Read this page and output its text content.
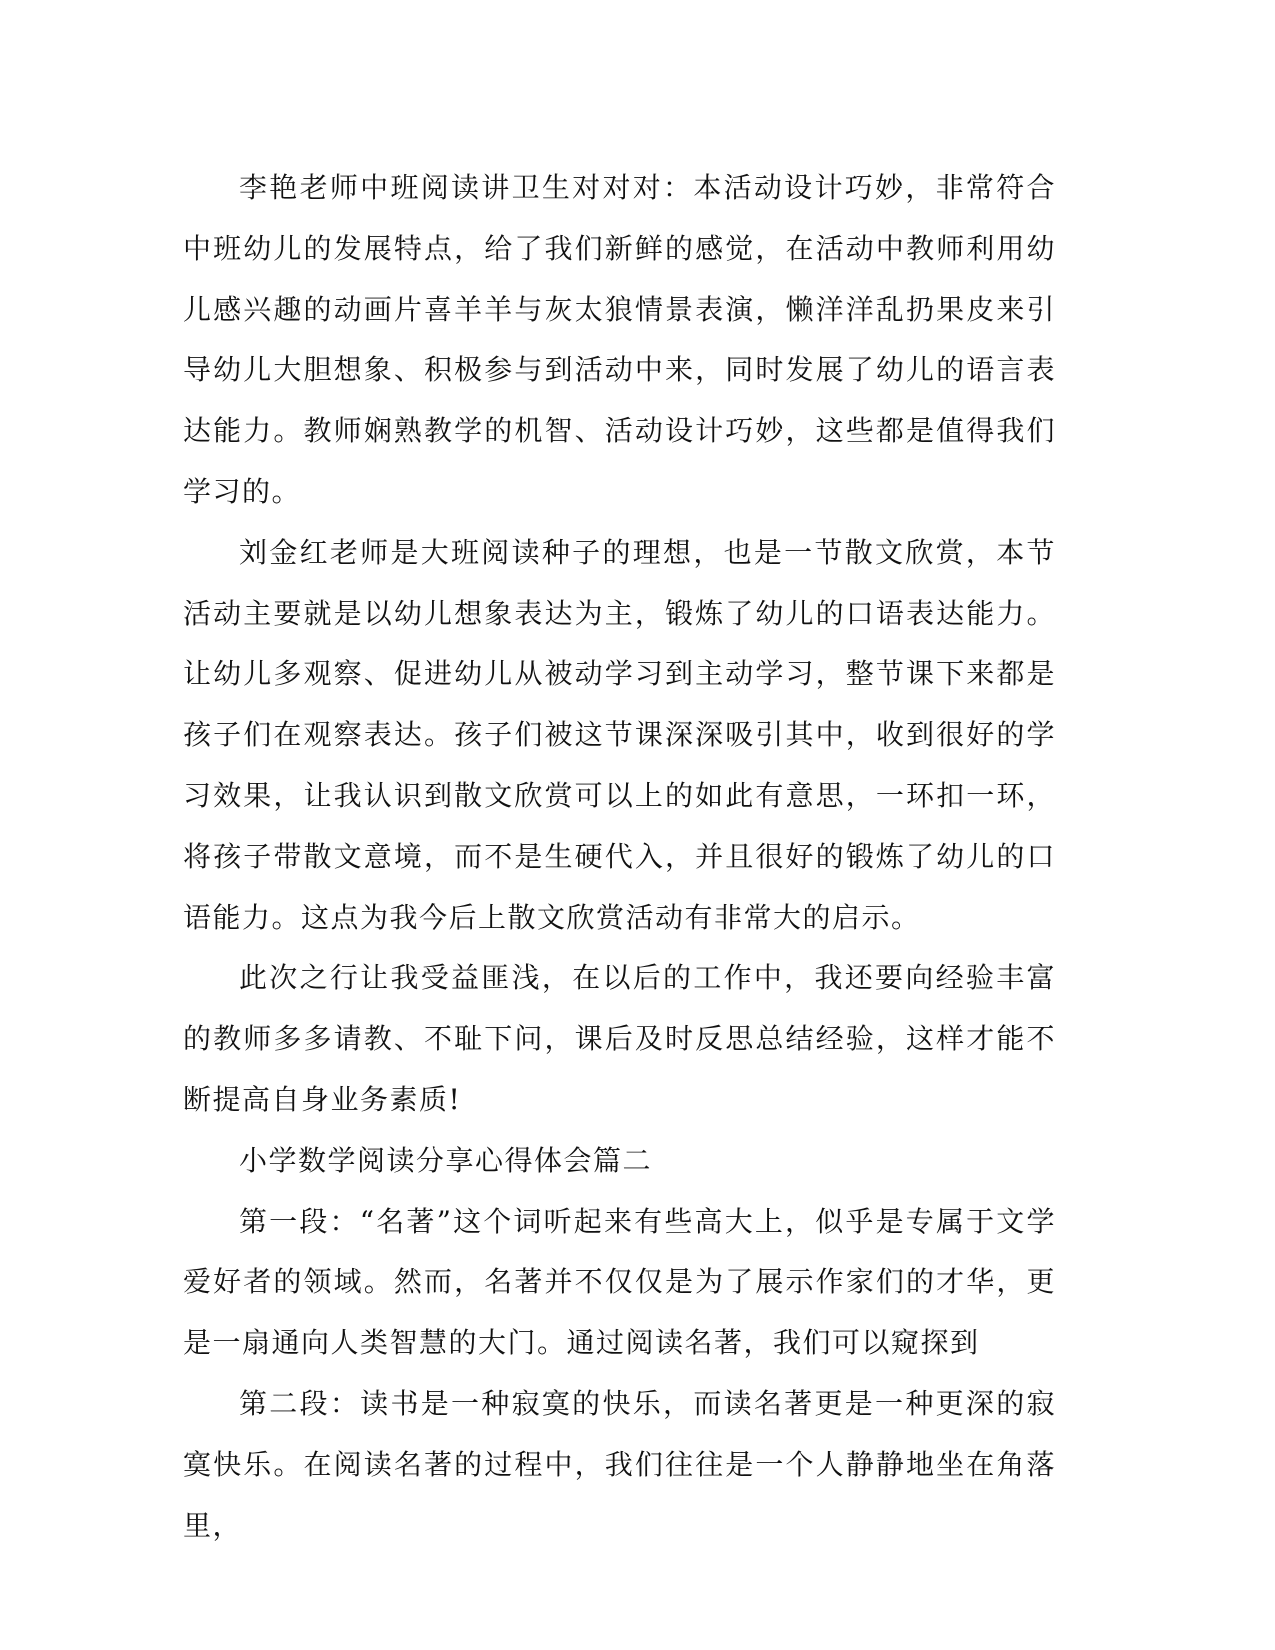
李艳老师中班阅读讲卫生对对对：本活动设计巧妙，非常符合中班幼儿的发展特点，给了我们新鲜的感觉，在活动中教师利用幼儿感兴趣的动画片喜羊羊与灰太狼情景表演，懒洋洋乱扔果皮来引导幼儿大胆想象、积极参与到活动中来，同时发展了幼儿的语言表达能力。教师娴熟教学的机智、活动设计巧妙，这些都是值得我们学习的。

刘金红老师是大班阅读种子的理想，也是一节散文欣赏，本节活动主要就是以幼儿想象表达为主，锻炼了幼儿的口语表达能力。让幼儿多观察、促进幼儿从被动学习到主动学习，整节课下来都是孩子们在观察表达。孩子们被这节课深深吸引其中，收到很好的学习效果，让我认识到散文欣赏可以上的如此有意思，一环扣一环，将孩子带散文意境，而不是生硬代入，并且很好的锻炼了幼儿的口语能力。这点为我今后上散文欣赏活动有非常大的启示。

此次之行让我受益匪浅，在以后的工作中，我还要向经验丰富的教师多多请教、不耻下问，课后及时反思总结经验，这样才能不断提高自身业务素质!

小学数学阅读分享心得体会篇二

第一段：“名著”这个词听起来有些高大上，似乎是专属于文学爱好者的领域。然而，名著并不仅仅是为了展示作家们的才华，更是一扇通向人类智慧的大门。通过阅读名著，我们可以窥探到

第二段：读书是一种寂寞的快乐，而读名著更是一种更深的寂寞快乐。在阅读名著的过程中，我们往往是一个人静静地坐在角落里，
